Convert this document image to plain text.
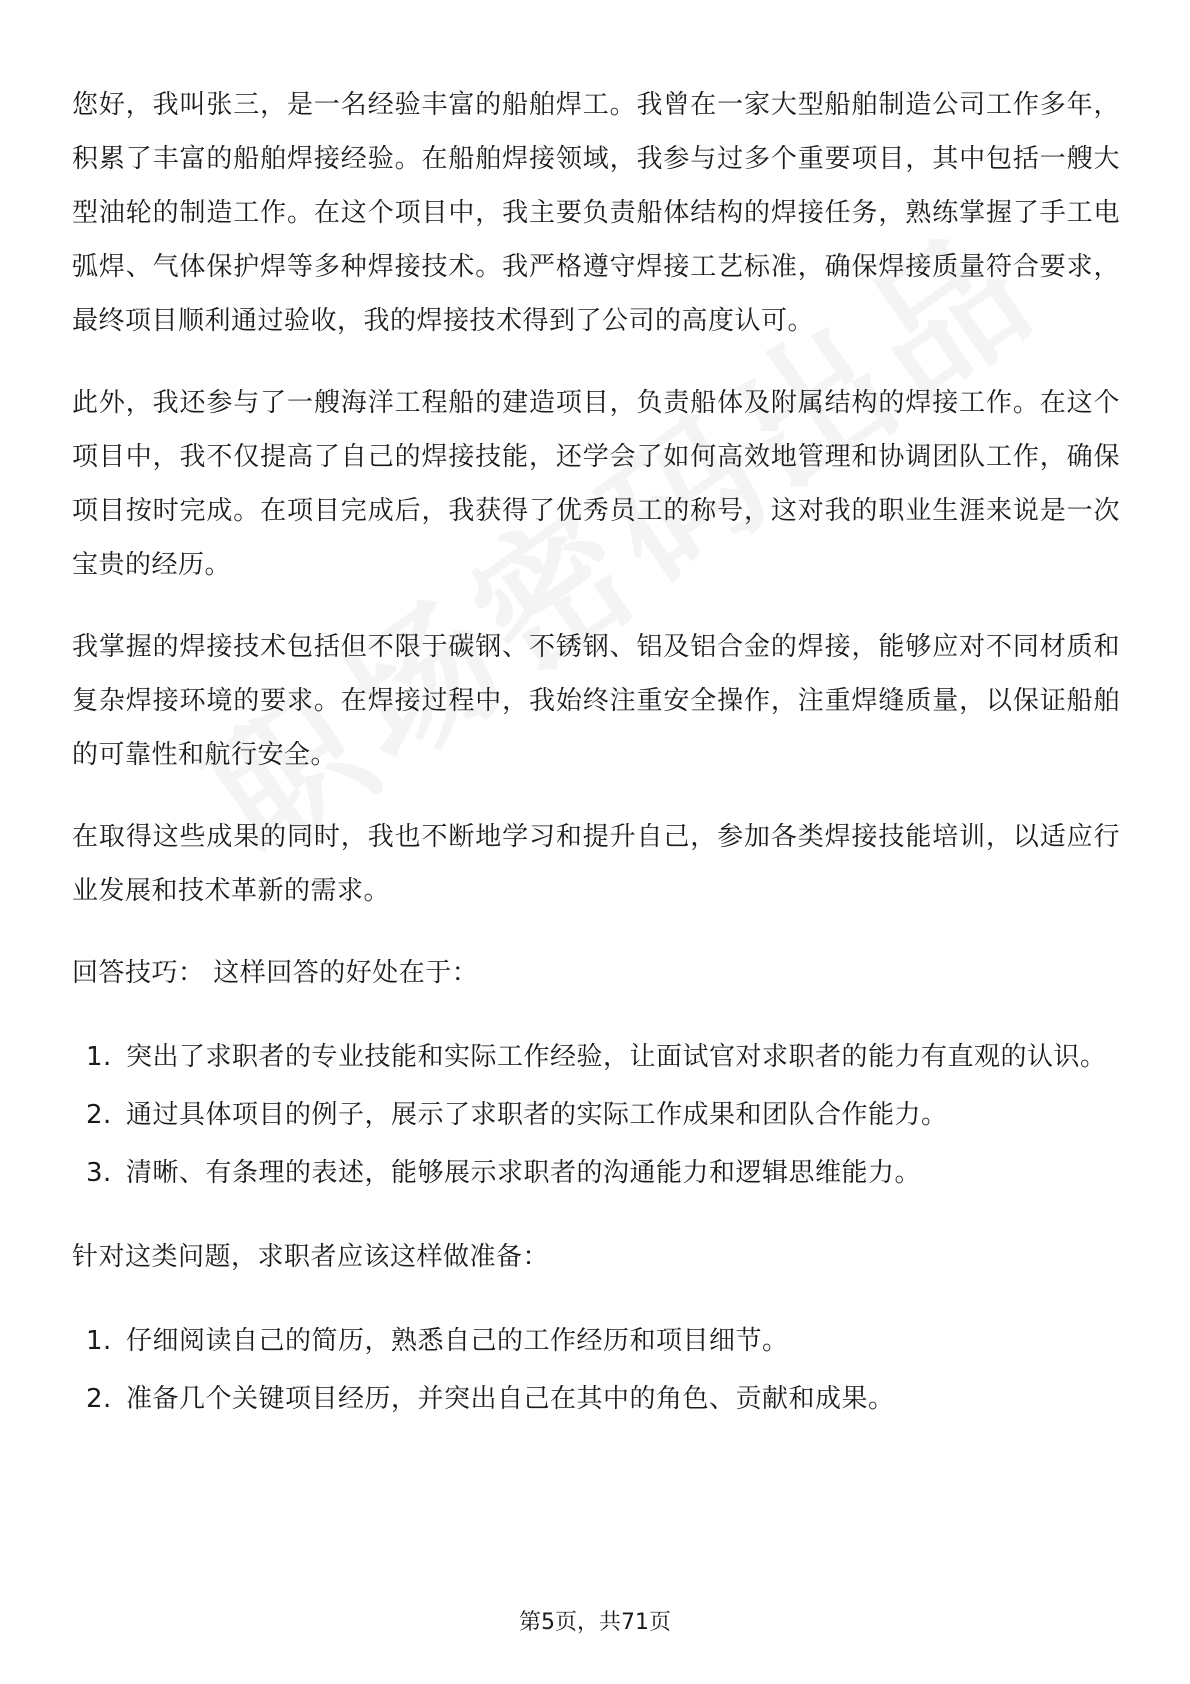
您好，我叫张三，是一名经验丰富的船舶焊工。我曾在一家大型船舶制造公司工作多年，积累了丰富的船舶焊接经验。在船舶焊接领域，我参与过多个重要项目，其中包括一艘大型油轮的制造工作。在这个项目中，我主要负责船体结构的焊接任务，熟练掌握了手工电弧焊、气体保护焊等多种焊接技术。我严格遵守焊接工艺标准，确保焊接质量符合要求，最终项目顺利通过验收，我的焊接技术得到了公司的高度认可。

此外，我还参与了一艘海洋工程船的建造项目，负责船体及附属结构的焊接工作。在这个项目中，我不仅提高了自己的焊接技能，还学会了如何高效地管理和协调团队工作，确保项目按时完成。在项目完成后，我获得了优秀员工的称号，这对我的职业生涯来说是一次宝贵的经历。

我掌握的焊接技术包括但不限于碳钢、不锈钢、铝及铝合金的焊接，能够应对不同材质和复杂焊接环境的要求。在焊接过程中，我始终注重安全操作，注重焊缝质量，以保证船舶的可靠性和航行安全。

在取得这些成果的同时，我也不断地学习和提升自己，参加各类焊接技能培训，以适应行业发展和技术革新的需求。

回答技巧： 这样回答的好处在于：

1. 突出了求职者的专业技能和实际工作经验，让面试官对求职者的能力有直观的认识。
2. 通过具体项目的例子，展示了求职者的实际工作成果和团队合作能力。
3. 清晰、有条理的表述，能够展示求职者的沟通能力和逻辑思维能力。

针对这类问题，求职者应该这样做准备：

1. 仔细阅读自己的简历，熟悉自己的工作经历和项目细节。
2. 准备几个关键项目经历，并突出自己在其中的角色、贡献和成果。
第5页，共71页
